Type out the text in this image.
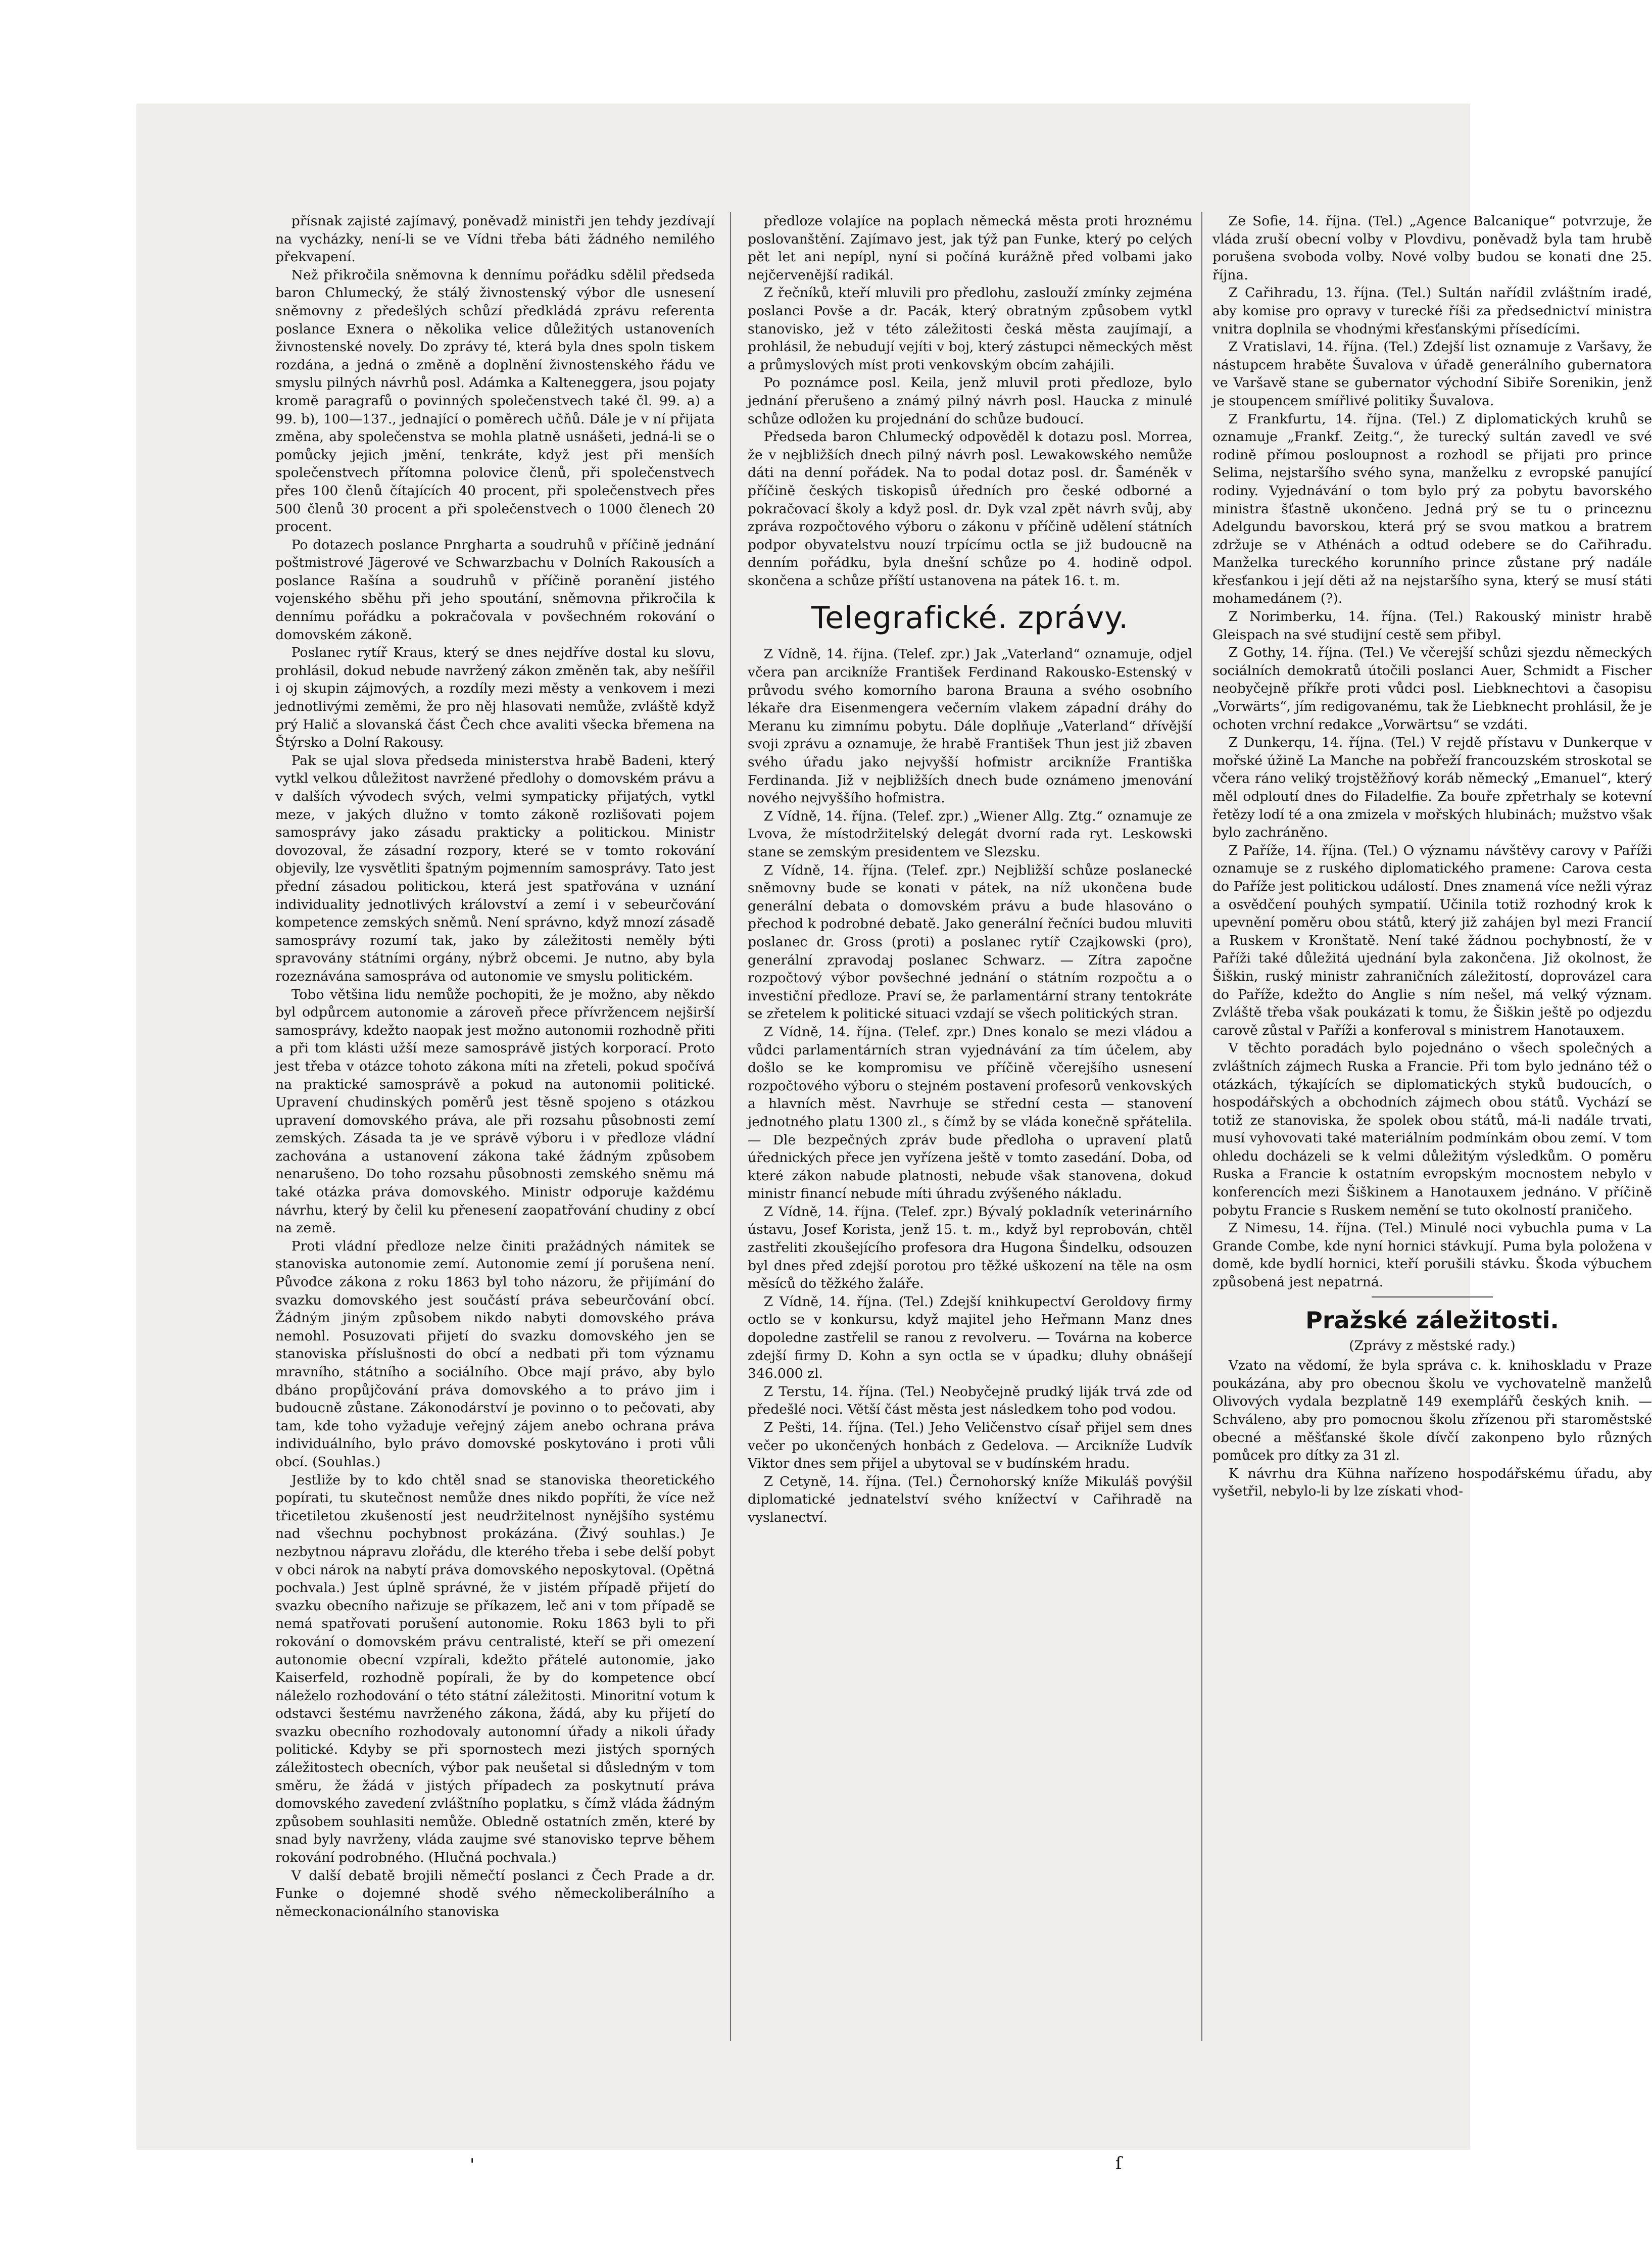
přísnak zajisté zajímavý, poněvadž ministři jen tehdy jezdívají na vycházky, není-li se ve Vídni třeba báti žádného nemilého překvapení.

Než přikročila sněmovna k dennímu pořádku sdělil předseda baron Chlumecký, že stálý živnostenský výbor dle usnesení sněmovny z předešlých schůzí předkládá zprávu referenta poslance Exnera o několika velice důležitých ustanoveních živnostenské novely. Do zprávy té, která byla dnes spoln tiskem rozdána, a jedná o změně a doplnění živnostenského řádu ve smyslu pilných návrhů posl. Adámka a Kalteneggera, jsou pojaty kromě paragrafů o povinných společenstvech také čl. 99. a) a 99. b), 100—137., jednající o poměrech učňů. Dále je v ní přijata změna, aby společenstva se mohla platně usnášeti, jedná-li se o pomůcky jejich jmění, tenkráte, když jest při menších společenstvech přítomna polovice členů, při společenstvech přes 100 členů čítajících 40 procent, při společenstvech přes 500 členů 30 procent a při společenstvech o 1000 členech 20 procent.

Po dotazech poslance Pnrgharta a soudruhů v příčině jednání poštmistrové Jägerové ve Schwarzbachu v Dolních Rakousích a poslance Rašína a soudruhů v příčině poranění jistého vojenského sběhu při jeho spoutání, sněmovna přikročila k dennímu pořádku a pokračovala v povšechném rokování o domovském zákoně.

Poslanec rytíř Kraus, který se dnes nejdříve dostal ku slovu, prohlásil, dokud nebude navržený zákon změněn tak, aby nešířil i oj skupin zájmových, a rozdíly mezi městy a venkovem i mezi jednotlivými zeměmi, že pro něj hlasovati nemůže, zvláště když prý Halič a slovanská část Čech chce avaliti všecka břemena na Štýrsko a Dolní Rakousy.

Pak se ujal slova předseda ministerstva hrabě Badeni, který vytkl velkou důležitost navržené předlohy o domovském právu a v dalších vývodech svých, velmi sympaticky přijatých, vytkl meze, v jakých dlužno v tomto zákoně rozlišovati pojem samosprávy jako zásadu prakticky a politickou. Ministr dovozoval, že zásadní rozpory, které se v tomto rokování objevily, lze vysvětliti špatným pojmenním samosprávy. Tato jest přední zásadou politickou, která jest spatřována v uznání individuality jednotlivých království a zemí i v sebeurčování kompetence zemských sněmů. Není správno, když mnozí zásadě samosprávy rozumí tak, jako by záležitosti neměly býti spravovány státními orgány, nýbrž obcemi. Je nutno, aby byla rozeznávána samospráva od autonomie ve smyslu politickém.

Tobo většina lidu nemůže pochopiti, že je možno, aby někdo byl odpůrcem autonomie a zároveň přece přívržencem nejširší samosprávy, kdežto naopak jest možno autonomii rozhodně přiti a při tom klásti užší meze samosprávě jistých korporací. Proto jest třeba v otázce tohoto zákona míti na zřeteli, pokud spočívá na praktické samosprávě a pokud na autonomii politické. Upravení chudinských poměrů jest těsně spojeno s otázkou upravení domovského práva, ale při rozsahu působnosti zemí zemských. Zásada ta je ve správě výboru i v předloze vládní zachována a ustanovení zákona také žádným způsobem nenarušeno. Do toho rozsahu působnosti zemského sněmu má také otázka práva domovského. Ministr odporuje každému návrhu, který by čelil ku přenesení zaopatřování chudiny z obcí na země.

Proti vládní předloze nelze činiti pražádných námitek se stanoviska autonomie zemí. Autonomie zemí jí porušena není. Původce zákona z roku 1863 byl toho názoru, že přijímání do svazku domovského jest součástí práva sebeurčování obcí. Žádným jiným způsobem nikdo nabyti domovského práva nemohl. Posuzovati přijetí do svazku domovského jen se stanoviska příslušnosti do obcí a nedbati při tom významu mravního, státního a sociálního. Obce mají právo, aby bylo dbáno propůjčování práva domovského a to právo jim i budoucně zůstane. Zákonodárství je povinno o to pečovati, aby tam, kde toho vyžaduje veřejný zájem anebo ochrana práva individuálního, bylo právo domovské poskytováno i proti vůli obcí. (Souhlas.)

Jestliže by to kdo chtěl snad se stanoviska theoretického popírati, tu skutečnost nemůže dnes nikdo popříti, že více než třicetiletou zkušeností jest neudržitelnost nynějšího systému nad všechnu pochybnost prokázána. (Živý souhlas.) Je nezbytnou nápravu zlořádu, dle kterého třeba i sebe delší pobyt v obci nárok na nabytí práva domovského neposkytoval. (Opětná pochvala.) Jest úplně správné, že v jistém případě přijetí do svazku obecního nařizuje se příkazem, leč ani v tom případě se nemá spatřovati porušení autonomie. Roku 1863 byli to při rokování o domovském právu centralisté, kteří se při omezení autonomie obecní vzpírali, kdežto přátelé autonomie, jako Kaiserfeld, rozhodně popírali, že by do kompetence obcí náleželo rozhodování o této státní záležitosti. Minoritní votum k odstavci šestému navrženého zákona, žádá, aby ku přijetí do svazku obecního rozhodovaly autonomní úřady a nikoli úřady politické. Kdyby se při spornostech mezi jistých sporných záležitostech obecních, výbor pak neušetal si důsledným v tom směru, že žádá v jistých případech za poskytnutí práva domovského zavedení zvláštního poplatku, s čímž vláda žádným způsobem souhlasiti nemůže. Obledně ostatních změn, které by snad byly navrženy, vláda zaujme své stanovisko teprve během rokování podrobného. (Hlučná pochvala.)

V další debatě brojili němečtí poslanci z Čech Prade a dr. Funke o dojemné shodě svého německoliberálního a německonacionálního stanoviska

předloze volajíce na poplach německá města proti hroznému poslovanštění. Zajímavo jest, jak týž pan Funke, který po celých pět let ani nepípl, nyní si počíná kurážně před volbami jako nejčervenější radikál.

Z řečníků, kteří mluvili pro předlohu, zaslouží zmínky zejména poslanci Povše a dr. Pacák, který obratným způsobem vytkl stanovisko, jež v této záležitosti česká města zaujímají, a prohlásil, že nebudují vejíti v boj, který zástupci německých měst a průmyslových míst proti venkovským obcím zahájili.

Po poznámce posl. Keila, jenž mluvil proti předloze, bylo jednání přerušeno a známý pilný návrh posl. Haucka z minulé schůze odložen ku projednání do schůze budoucí.

Předseda baron Chlumecký odpověděl k dotazu posl. Morrea, že v nejbližších dnech pilný návrh posl. Lewakowského nemůže dáti na denní pořádek. Na to podal dotaz posl. dr. Šaméněk v příčině českých tiskopisů úředních pro české odborné a pokračovací školy a když posl. dr. Dyk vzal zpět návrh svůj, aby zpráva rozpočtového výboru o zákonu v příčině udělení státních podpor obyvatelstvu nouzí trpícímu octla se již budoucně na denním pořádku, byla dnešní schůze po 4. hodině odpol. skončena a schůze příští ustanovena na pátek 16. t. m.

Telegrafické. zprávy.

Z Vídně, 14. října. (Telef. zpr.) Jak „Vaterland“ oznamuje, odjel včera pan arcikníže František Ferdinand Rakousko-Estenský v průvodu svého komorního barona Brauna a svého osobního lékaře dra Eisenmengera večerním vlakem západní dráhy do Meranu ku zimnímu pobytu. Dále doplňuje „Vaterland“ dřívější svoji zprávu a oznamuje, že hrabě František Thun jest již zbaven svého úřadu jako nejvyšší hofmistr arcikníže Františka Ferdinanda. Již v nejbližších dnech bude oznámeno jmenování nového nejvyššího hofmistra.

Z Vídně, 14. října. (Telef. zpr.) „Wiener Allg. Ztg.“ oznamuje ze Lvova, že místodržitelský delegát dvorní rada ryt. Leskowski stane se zemským presidentem ve Slezsku.

Z Vídně, 14. října. (Telef. zpr.) Nejbližší schůze poslanecké sněmovny bude se konati v pátek, na níž ukončena bude generální debata o domovském právu a bude hlasováno o přechod k podrobné debatě. Jako generální řečníci budou mluviti poslanec dr. Gross (proti) a poslanec rytíř Czajkowski (pro), generální zpravodaj poslanec Schwarz. — Zítra započne rozpočtový výbor povšechné jednání o státním rozpočtu a o investiční předloze. Praví se, že parlamentární strany tentokráte se zřetelem k politické situaci vzdají se všech politických stran.

Z Vídně, 14. října. (Telef. zpr.) Dnes konalo se mezi vládou a vůdci parlamentárních stran vyjednávání za tím účelem, aby došlo se ke kompromisu ve příčině včerejšího usnesení rozpočtového výboru o stejném postavení profesorů venkovských a hlavních měst. Navrhuje se střední cesta — stanovení jednotného platu 1300 zl., s čímž by se vláda konečně spřátelila. — Dle bezpečných zpráv bude předloha o upravení platů úřednických přece jen vyřízena ještě v tomto zasedání. Doba, od které zákon nabude platnosti, nebude však stanovena, dokud ministr financí nebude míti úhradu zvýšeného nákladu.

Z Vídně, 14. října. (Telef. zpr.) Bývalý pokladník veterinárního ústavu, Josef Korista, jenž 15. t. m., když byl reprobován, chtěl zastřeliti zkoušejícího profesora dra Hugona Šindelku, odsouzen byl dnes před zdejší porotou pro těžké uškození na těle na osm měsíců do těžkého žaláře.

Z Vídně, 14. října. (Tel.) Zdejší knihkupectví Geroldovy firmy octlo se v konkursu, když majitel jeho Heřmann Manz dnes dopoledne zastřelil se ranou z revolveru. — Továrna na koberce zdejší firmy D. Kohn a syn octla se v úpadku; dluhy obnášejí 346.000 zl.

Z Terstu, 14. října. (Tel.) Neobyčejně prudký liják trvá zde od předešlé noci. Větší část města jest následkem toho pod vodou.

Z Pešti, 14. října. (Tel.) Jeho Veličenstvo císař přijel sem dnes večer po ukončených honbách z Gedelova. — Arcikníže Ludvík Viktor dnes sem přijel a ubytoval se v budínském hradu.

Z Cetyně, 14. října. (Tel.) Černohorský kníže Mikuláš povýšil diplomatické jednatelství svého knížectví v Cařihradě na vyslanectví.

Ze Sofie, 14. října. (Tel.) „Agence Balcanique“ potvrzuje, že vláda zruší obecní volby v Plovdivu, poněvadž byla tam hrubě porušena svoboda volby. Nové volby budou se konati dne 25. října.

Z Cařihradu, 13. října. (Tel.) Sultán nařídil zvláštním iradé, aby komise pro opravy v turecké říši za předsednictví ministra vnitra doplnila se vhodnými křesťanskými přísedícími.

Z Vratislavi, 14. října. (Tel.) Zdejší list oznamuje z Varšavy, že nástupcem hraběte Šuvalova v úřadě generálního gubernatora ve Varšavě stane se gubernator východní Sibiře Sorenikin, jenž je stoupencem smířlivé politiky Šuvalova.

Z Frankfurtu, 14. října. (Tel.) Z diplomatických kruhů se oznamuje „Frankf. Zeitg.“, že turecký sultán zavedl ve své rodině přímou posloupnost a rozhodl se přijati pro prince Selima, nejstaršího svého syna, manželku z evropské panující rodiny. Vyjednávání o tom bylo prý za pobytu bavorského ministra šťastně ukončeno. Jedná prý se tu o princeznu Adelgundu bavorskou, která prý se svou matkou a bratrem zdržuje se v Athénách a odtud odebere se do Cařihradu. Manželka tureckého korunního prince zůstane prý nadále křesťankou i její děti až na nejstaršího syna, který se musí státi mohamedánem (?).

Z Norimberku, 14. října. (Tel.) Rakouský ministr hrabě Gleispach na své studijní cestě sem přibyl.

Z Gothy, 14. října. (Tel.) Ve včerejší schůzi sjezdu německých sociálních demokratů útočili poslanci Auer, Schmidt a Fischer neobyčejně příkře proti vůdci posl. Liebknechtovi a časopisu „Vorwärts“, jím redigovanému, tak že Liebknecht prohlásil, že je ochoten vrchní redakce „Vorwärtsu“ se vzdáti.

Z Dunkerqu, 14. října. (Tel.) V rejdě přístavu v Dunkerque v mořské úžině La Manche na pobřeží francouzském stroskotal se včera ráno veliký trojstěžňový koráb německý „Emanuel“, který měl odploutí dnes do Filadelfie. Za bouře zpřetrhaly se kotevní řetězy lodí té a ona zmizela v mořských hlubinách; mužstvo však bylo zachráněno.

Z Paříže, 14. října. (Tel.) O významu návštěvy carovy v Paříži oznamuje se z ruského diplomatického pramene: Carova cesta do Paříže jest politickou událostí. Dnes znamená více nežli výraz a osvědčení pouhých sympatií. Učinila totiž rozhodný krok k upevnění poměru obou států, který již zahájen byl mezi Francií a Ruskem v Kronštatě. Není také žádnou pochybností, že v Paříži také důležitá ujednání byla zakončena. Již okolnost, že Šiškin, ruský ministr zahraničních záležitostí, doprovázel cara do Paříže, kdežto do Anglie s ním nešel, má velký význam. Zvláště třeba však poukázati k tomu, že Šiškin ještě po odjezdu carově zůstal v Paříži a konferoval s ministrem Hanotauxem.

V těchto poradách bylo pojednáno o všech společných a zvláštních zájmech Ruska a Francie. Při tom bylo jednáno též o otázkách, týkajících se diplomatických styků budoucích, o hospodářských a obchodních zájmech obou států. Vychází se totiž ze stanoviska, že spolek obou států, má-li nadále trvati, musí vyhovovati také materiálním podmínkám obou zemí. V tom ohledu docházeli se k velmi důležitým výsledkům. O poměru Ruska a Francie k ostatním evropským mocnostem nebylo v konferencích mezi Šiškinem a Hanotauxem jednáno. V příčině pobytu Francie s Ruskem nemění se tuto okolností praničeho.

Z Nimesu, 14. října. (Tel.) Minulé noci vybuchla pumа v La Grande Combe, kde nyní hornici stávkují. Puma byla položena v domě, kde bydlí hornici, kteří porušili stávku. Škoda výbuchem způsobená jest nepatrná.

Pražské záležitosti.
(Zprávy z městské rady.)

Vzato na vědomí, že byla správa c. k. knihoskladu v Praze poukázána, aby pro obecnou školu ve vychovatelně manželů Olivových vydala bezplatně 149 exemplářů českých knih. — Schváleno, aby pro pomocnou školu zřízenou při staroměstské obecné a měšťanské škole dívčí zakonpeno bylo různých pomůcek pro dítky za 31 zl.

K návrhu dra Kühna nařízeno hospodářskému úřadu, aby vyšetřil, nebylo-li by lze získati vhod-

'	ſ
